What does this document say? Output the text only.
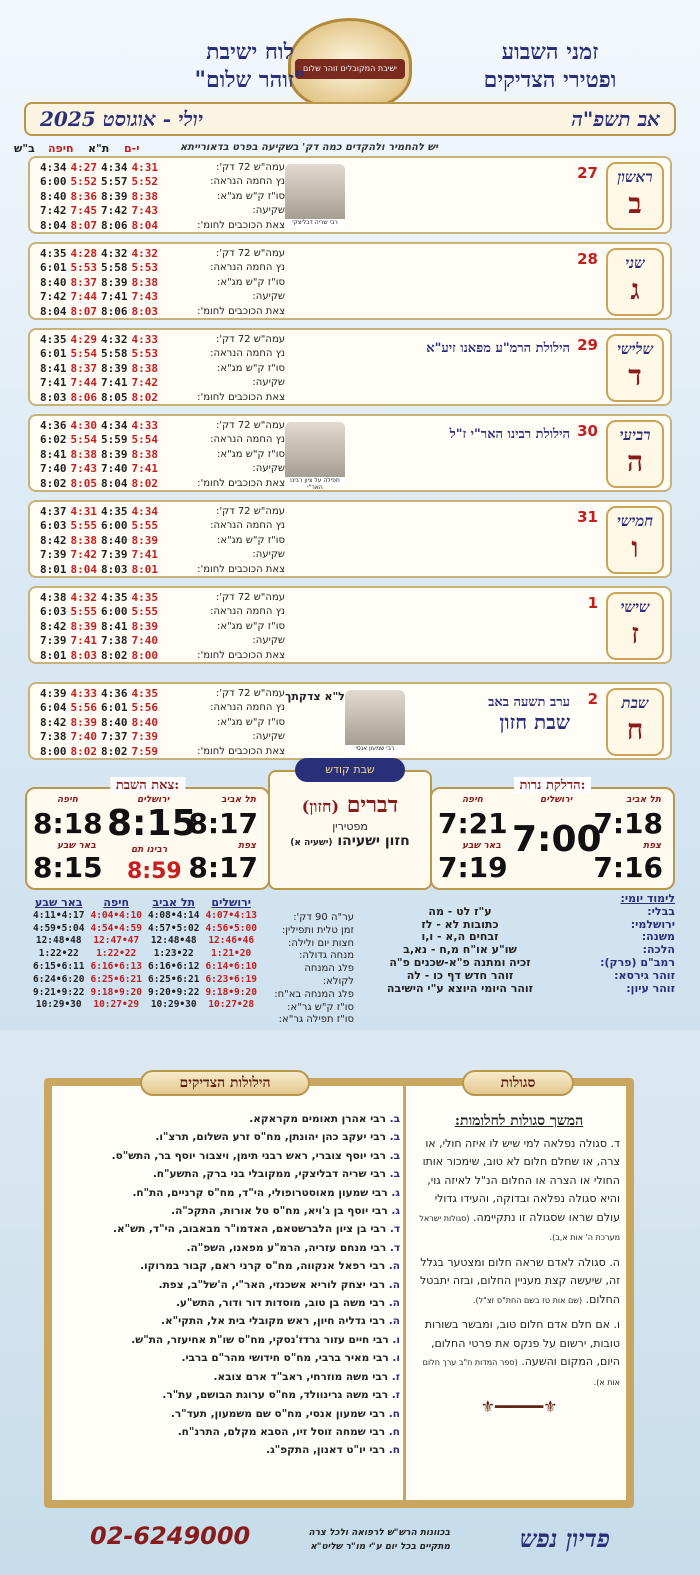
זמני השבוע
ופטירי הצדיקים
ישיבת המקובלים זוהר שלום
לוח ישיבת
"זוהר שלום"
יולי - אוגוסט 2025	אב תשפ"ה
יש להחמיר ולהקדים כמה דק' בשקיעה בפרט בדאורייתא
י-ם
ת"א
חיפה
ב"ש
ראשון
ב
27
רבי שריה דבליצקי
עמה"ש 72 דק':
נץ החמה הנראה:
סו"ז ק"ש מג"א:
שקיעה:
צאת הכוכבים לחומ':
4:34	4:27	4:34	4:31
6:00	5:52	5:57	5:52
8:40	8:36	8:39	8:38
7:42	7:45	7:42	7:43
8:04	8:07	8:06	8:04
שני
ג
28
עמה"ש 72 דק':
נץ החמה הנראה:
סו"ז ק"ש מג"א:
שקיעה:
צאת הכוכבים לחומ':
4:35	4:28	4:32	4:32
6:01	5:53	5:58	5:53
8:40	8:37	8:39	8:38
7:42	7:44	7:41	7:43
8:04	8:07	8:06	8:03
שלישי
ד
29
הילולת הרמ"ע מפאנו זיע"א
עמה"ש 72 דק':
נץ החמה הנראה:
סו"ז ק"ש מג"א:
שקיעה:
צאת הכוכבים לחומ':
4:35	4:29	4:32	4:33
6:01	5:54	5:58	5:53
8:41	8:37	8:39	8:38
7:41	7:44	7:41	7:42
8:03	8:06	8:05	8:02
רביעי
ה
30
הילולת רבינו האר"י ז"ל
תפילה על ציון רבינו האר"י
עמה"ש 72 דק':
נץ החמה הנראה:
סו"ז ק"ש מג"א:
שקיעה:
צאת הכוכבים לחומ':
4:36	4:30	4:34	4:33
6:02	5:54	5:59	5:54
8:41	8:38	8:39	8:38
7:40	7:43	7:40	7:41
8:02	8:05	8:04	8:02
חמישי
ו
31
עמה"ש 72 דק':
נץ החמה הנראה:
סו"ז ק"ש מג"א:
שקיעה:
צאת הכוכבים לחומ':
4:37	4:31	4:35	4:34
6:03	5:55	6:00	5:55
8:42	8:38	8:40	8:39
7:39	7:42	7:39	7:41
8:01	8:04	8:03	8:01
שישי
ז
1
עמה"ש 72 דק':
נץ החמה הנראה:
סו"ז ק"ש מג"א:
שקיעה:
צאת הכוכבים לחומ':
4:38	4:32	4:35	4:35
6:03	5:55	6:00	5:55
8:42	8:39	8:41	8:39
7:39	7:41	7:38	7:40
8:01	8:03	8:02	8:00
שבת
ח
2
ערב תשעה באב
שבת חזון
ל"א צדקתך
רבי שמעון אנסי
עמה"ש 72 דק':
נץ החמה הנראה:
סו"ז ק"ש מג"א:
שקיעה:
צאת הכוכבים לחומ':
4:39	4:33	4:36	4:35
6:04	5:56	6:01	5:56
8:42	8:39	8:40	8:40
7:38	7:40	7:37	7:39
8:00	8:02	8:02	7:59
הדלקת נרות:
תל אביב
ירושלים
חיפה
7:18
7:00
7:21
צפת
באר שבע
7:16
7:19
צאת השבת:
תל אביב
ירושלים
חיפה
8:17
8:15
8:18
צפת
רבינו תם
באר שבע
8:17
8:59
8:15
שבת קודש
דברים (חזון)
מפטירין
חזון ישעיהו (ישעיה א)
באר שבע	חיפה	תל אביב	ירושלים
4:11•4:17	4:04•4:10	4:08•4:14	4:07•4:13
4:59•5:04	4:54•4:59	4:57•5:02	4:56•5:00
12:48•48	12:47•47	12:48•48	12:46•46
1:22•22	1:22•22	1:23•22	1:21•20
6:15•6:11	6:16•6:13	6:16•6:12	6:14•6:10
6:24•6:20	6:25•6:21	6:25•6:21	6:23•6:19
9:21•9:22	9:18•9:20	9:20•9:22	9:18•9:20
10:29•30	10:27•29	10:29•30	10:27•28
ער"ה 90 דק':
זמן טלית ותפילין:
חצות יום ולילה:
מנחה גדולה:
פלג המנחה לקולא:
פלג המנחה בא"ח:
סו"ז ק"ש גר"א:
סו"ז תפילה גר"א:
לימוד יומי:
בבלי:
ע"ז לט - מה
ירושלמי:
כתובות לא - לז
משנה:
זבחים ה,א - ו,ו
הלכה:
שו"ע או"ח מ,ח - נא,ב
רמב"ם (פרק):
זכיה ומתנה פ"א-שכנים פ"ה
זוהר גירסא:
זוהר חדש דף כו - לה
זוהר עיון:
זוהר היומי היוצא ע"י הישיבה
הילולות הצדיקים	סגולות
ב. רבי אהרן תאומים מקראקא.
ב. רבי יעקב כהן יהונתן, מח"ס זרע השלום, תרצ"ו.
ב. רבי יוסף צוברי, ראש רבני תימן, ויצבור יוסף בר, התש"ס.
ב. רבי שריה דבליצקי, ממקובלי בני ברק, התשע"ח.
ג. רבי שמעון מאוסטרופולי, הי"ד, מח"ס קרניים, הת"ח.
ג. רבי יוסף בן ג'ויא, מח"ס טל אורות, התקכ"ה.
ד. רבי בן ציון הלברשטאם, האדמו"ר מבאבוב, הי"ד, תש"א.
ד. רבי מנחם עזריה, הרמ"ע מפאנו, השפ"ה.
ה. רבי רפאל אנקווה, מח"ס קרני ראם, קבור במרוקו.
ה. רבי יצחק לוריא אשכנזי, האר"י, ה'של"ב, צפת.
ה. רבי משה בן טוב, מוסדות דור ודור, התש"ע.
ה. רבי גדליה חיון, ראש מקובלי בית אל, התקי"א.
ו. רבי חיים עזור גרדז'נסקי, מח"ס שו"ת אחיעזר, הת"ש.
ו. רבי מאיר ברבי, מח"ס חידושי מהר"ם ברבי.
ז. רבי משה מוזרחי, ראב"ד ארם צובא.
ז. רבי משה גרינוולד, מח"ס ערוגת הבושם, עת"ר.
ח. רבי שמעון אנסי, מח"ס שם משמעון, תעד"ר.
ח. רבי שמחה זוסל זיו, הסבא מקלם, התרנ"ח.
ח. רבי יו"ט דאנון, התקפ"ג.
המשך סגולות לחלומות:

ד. סגולה נפלאה למי שיש לו איזה חולי, או צרה, או שחלם חלום לא טוב, שימכור אותו החולי או הצרה או החלום הנ"ל לאיזה גוי, והיא סגולה נפלאה ובדוקה, והעידו גדולי עולם שראו שסגולה זו נתקיימה. (סגולות ישראל מערכת ה' אות א,ב).

ה. סגולה לאדם שראה חלום ומצטער בגלל זה, שיעשה קצת מעניין החלום, ובזה יתבטל החלום. (שם אות טז בשם החת"ס זצ"ל).

ו. אם חלם אדם חלום טוב, ומבשר בשורות טובות, ירשום על פנקס את פרטי החלום, היום, המקום והשעה. (ספר המדות ח"ב ערך חלום אות א).

⚜━━━━━⚜
פדיון נפש
בכוונות הרש"ש לרפואה ולכל צרה
מתקיים בכל יום ע"י מו"ר שליט"א
02-6249000
